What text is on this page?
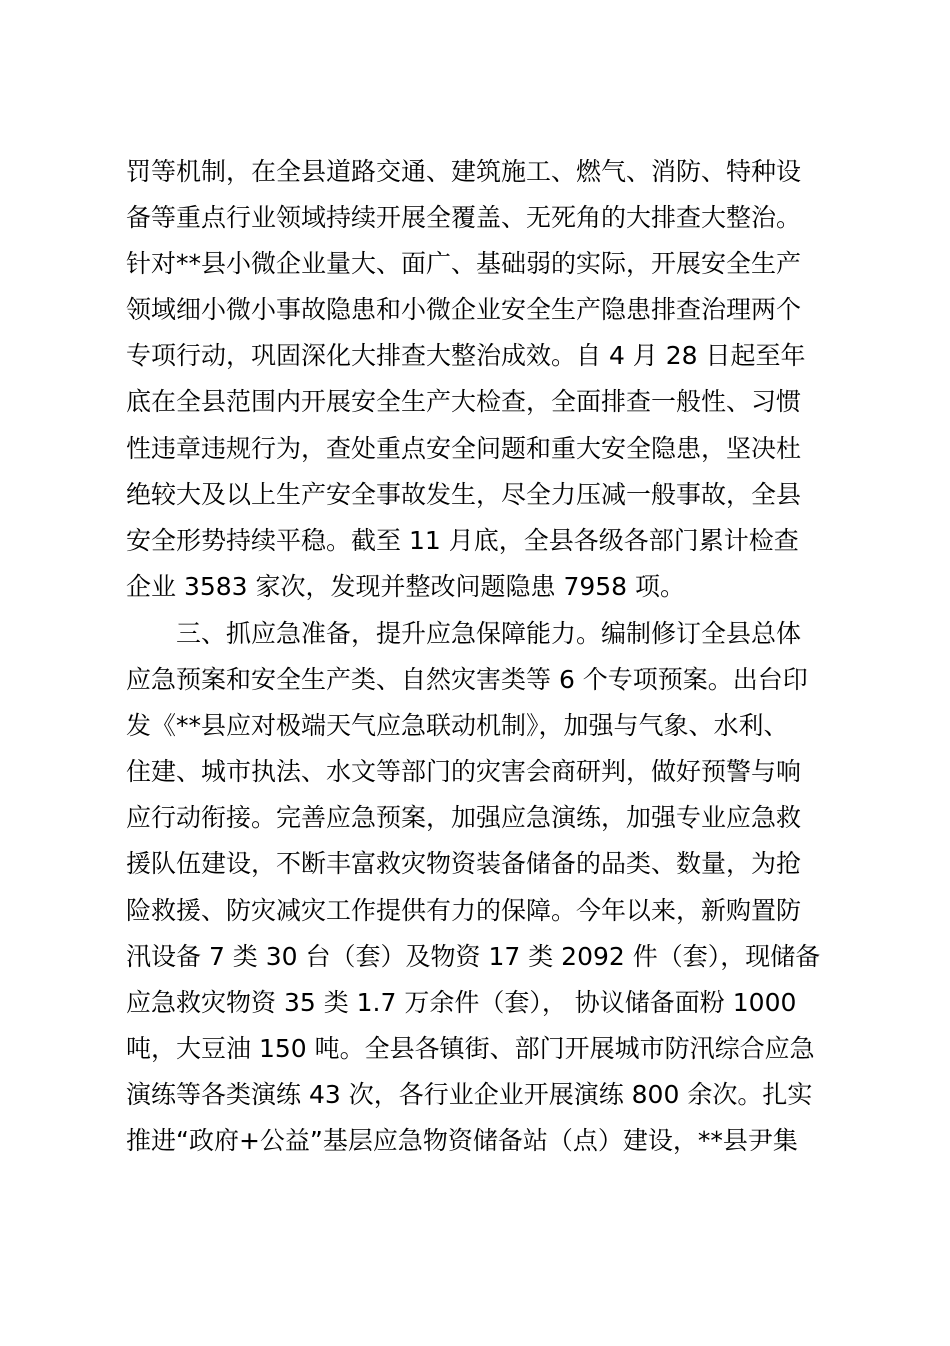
罚等机制，在全县道路交通、建筑施工、燃气、消防、特种设
备等重点行业领域持续开展全覆盖、无死角的大排查大整治。
针对**县小微企业量大、面广、基础弱的实际，开展安全生产
领域细小微小事故隐患和小微企业安全生产隐患排查治理两个
专项行动，巩固深化大排查大整治成效。自 4 月 28 日起至年
底在全县范围内开展安全生产大检查，全面排查一般性、习惯
性违章违规行为，查处重点安全问题和重大安全隐患，坚决杜
绝较大及以上生产安全事故发生，尽全力压减一般事故，全县
安全形势持续平稳。截至 11 月底，全县各级各部门累计检查
企业 3583 家次，发现并整改问题隐患 7958 项。
三、抓应急准备，提升应急保障能力。编制修订全县总体
应急预案和安全生产类、自然灾害类等 6 个专项预案。出台印
发《**县应对极端天气应急联动机制》，加强与气象、水利、
住建、城市执法、水文等部门的灾害会商研判，做好预警与响
应行动衔接。完善应急预案，加强应急演练，加强专业应急救
援队伍建设，不断丰富救灾物资装备储备的品类、数量，为抢
险救援、防灾减灾工作提供有力的保障。今年以来，新购置防
汛设备 7 类 30 台（套）及物资 17 类 2092 件（套），现储备
应急救灾物资 35 类 1.7 万余件（套）， 协议储备面粉 1000
吨，大豆油 150 吨。全县各镇街、部门开展城市防汛综合应急
演练等各类演练 43 次，各行业企业开展演练 800 余次。扎实
推进“政府+公益”基层应急物资储备站（点）建设，**县尹集
